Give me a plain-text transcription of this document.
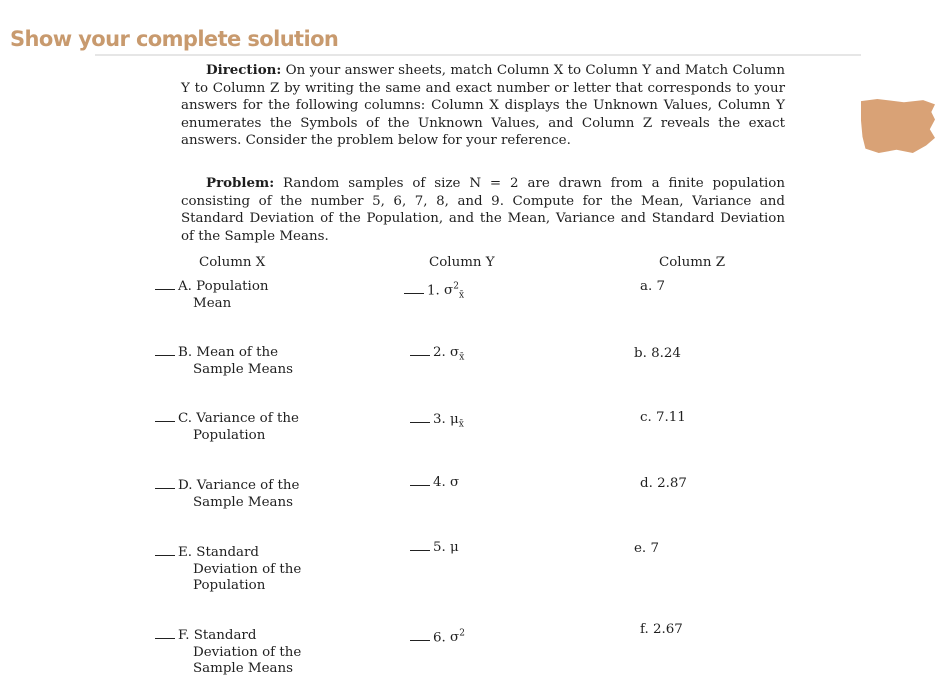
Show your complete solution
Direction: On your answer sheets, match Column X to Column Y and Match Column Y to Column Z by writing the same and exact number or letter that corresponds to your answers for the following columns: Column X displays the Unknown Values, Column Y enumerates the Symbols of the Unknown Values, and Column Z reveals the exact answers. Consider the problem below for your reference.
Problem: Random samples of size N = 2 are drawn from a finite population consisting of the number 5, 6, 7, 8, and 9. Compute for the Mean, Variance and Standard Deviation of the Population, and the Mean, Variance and Standard Deviation of the Sample Means.
Column X	Column Y	Column Z
A. Population
Mean
B. Mean of the
Sample Means
C. Variance of the
Population
D. Variance of the
Sample Means
E. Standard
Deviation of the
Population
F. Standard
Deviation of the
Sample Means
1. $\sigma^2_{x̄}$
2. $\sigma_{x̄}$
3. $\mu_{x̄}$
4. σ
5. μ
6. $\sigma^2$
a. 7
b. 8.24
c. 7.11
d. 2.87
e. 7
f. 2.67
